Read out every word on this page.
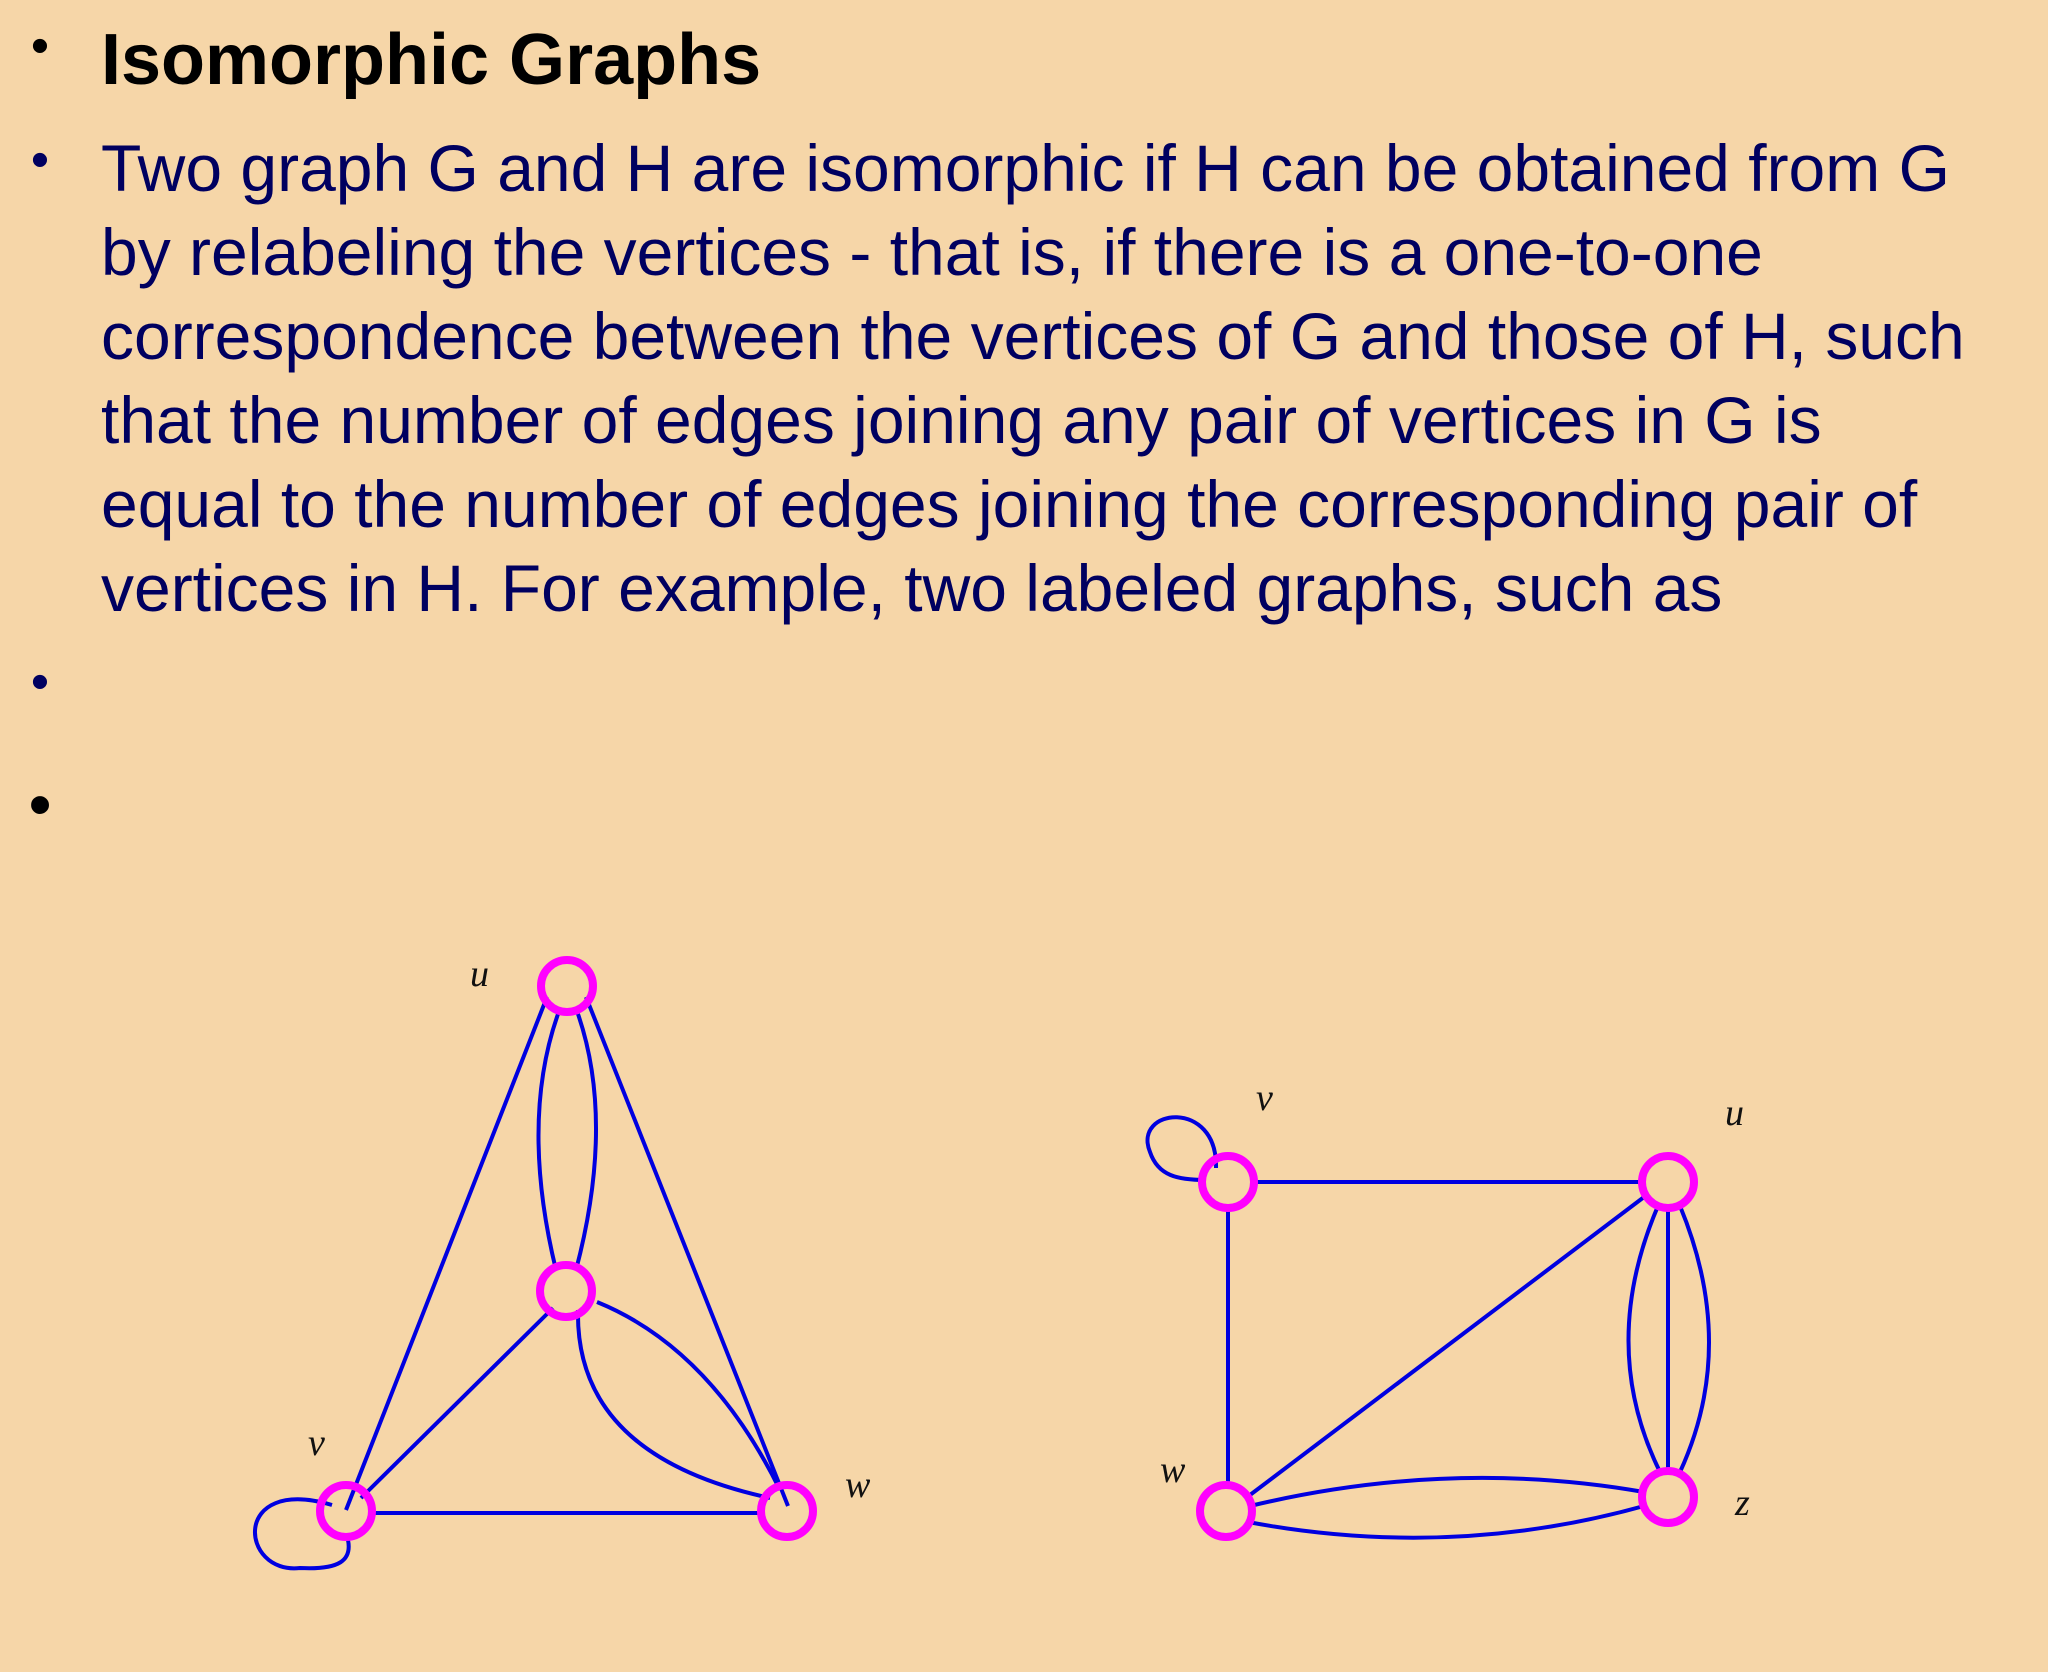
• Isomorphic Graphs
• Two graph G and H are isomorphic if H can be obtained from G
by relabeling the vertices - that is, if there is a one-to-one
correspondence between the vertices of G and those of H, such
that the number of edges joining any pair of vertices in G is
equal to the number of edges joining the corresponding pair of
vertices in H. For example, two labeled graphs, such as

•
•
u
v
w
v	u
w
z
